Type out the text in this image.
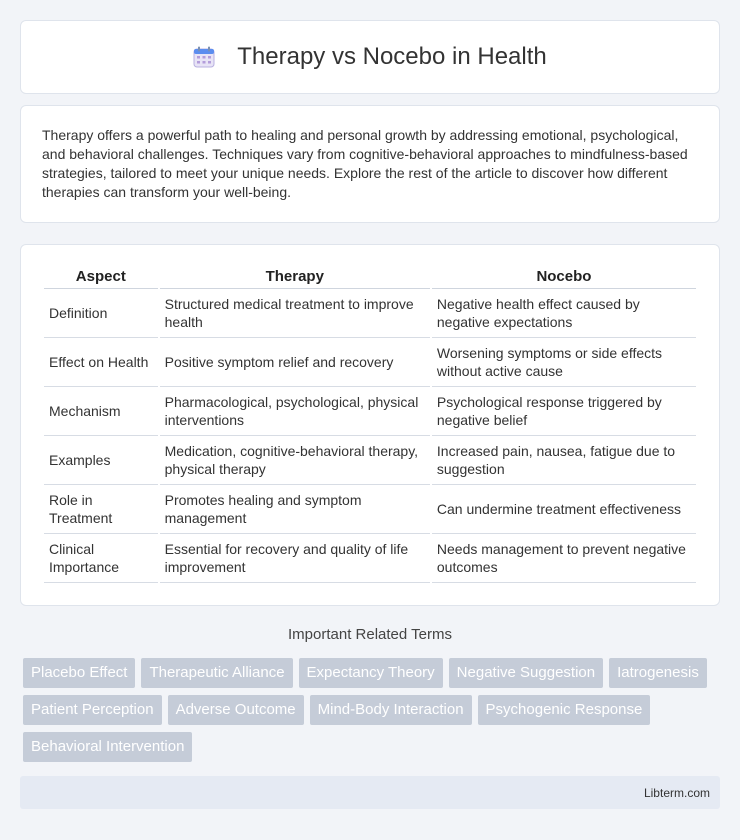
Therapy vs Nocebo in Health

Therapy offers a powerful path to healing and personal growth by addressing emotional, psychological, and behavioral challenges. Techniques vary from cognitive-behavioral approaches to mindfulness-based strategies, tailored to meet your unique needs. Explore the rest of the article to discover how different therapies can transform your well-being.

Aspect	Therapy	Nocebo
Definition	Structured medical treatment to improve health	Negative health effect caused by negative expectations
Effect on Health	Positive symptom relief and recovery	Worsening symptoms or side effects without active cause
Mechanism	Pharmacological, psychological, physical interventions	Psychological response triggered by negative belief
Examples	Medication, cognitive-behavioral therapy, physical therapy	Increased pain, nausea, fatigue due to suggestion
Role in Treatment	Promotes healing and symptom management	Can undermine treatment effectiveness
Clinical Importance	Essential for recovery and quality of life improvement	Needs management to prevent negative outcomes
Important Related Terms
Placebo Effect	Therapeutic Alliance	Expectancy Theory	Negative Suggestion	Iatrogenesis
Patient Perception	Adverse Outcome	Mind-Body Interaction	Psychogenic Response
Behavioral Intervention
Libterm.com
